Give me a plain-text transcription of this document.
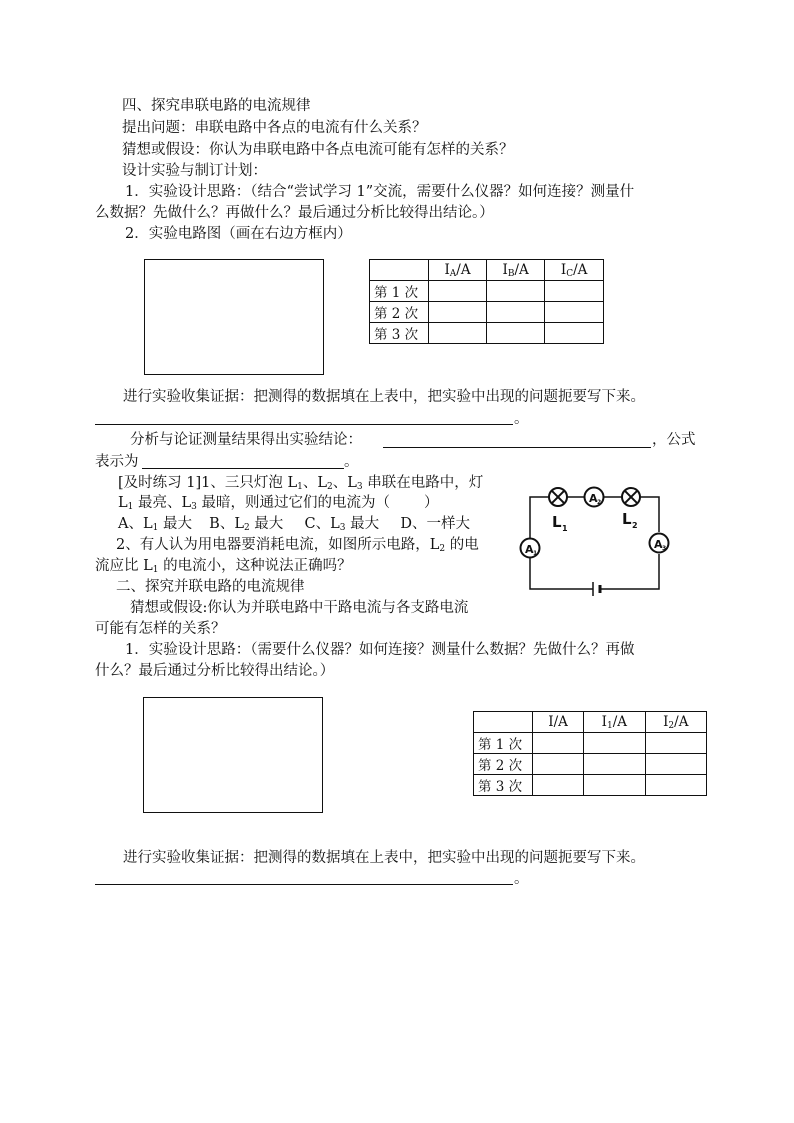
四、探究串联电路的电流规律
提出问题：串联电路中各点的电流有什么关系？
猜想或假设：你认为串联电路中各点电流可能有怎样的关系？
设计实验与制订计划：
1．实验设计思路：（结合“尝试学习 1”交流，需要什么仪器？如何连接？测量什
么数据？先做什么？再做什么？最后通过分析比较得出结论。）
2．实验电路图（画在右边方框内）
	$I_A/A$	$I_B/A$	$I_C/A$
第 1 次			
第 2 次			
第 3 次			
进行实验收集证据：把测得的数据填在上表中，把实验中出现的问题扼要写下来。
。
分析与论证测量结果得出实验结论：	，公式
表示为	。
[及时练习 1]1、三只灯泡 $L_1$、$L_2$、$L_3$ 串联在电路中，灯
$L_1$ 最亮、$L_3$ 最暗，则通过它们的电流为（ ）
A、$L_1$ 最大 B、$L_2$ 最大 C、$L_3$ 最大 D、一样大
2、有人认为用电器要消耗电流，如图所示电路，$L_2$ 的电
流应比 $L_1$ 的电流小，这种说法正确吗？
A 2
A 1
A 3
L 1
L 2
二、探究并联电路的电流规律
猜想或假设:你认为并联电路中干路电流与各支路电流
可能有怎样的关系？
1．实验设计思路：（需要什么仪器？如何连接？测量什么数据？先做什么？再做
什么？最后通过分析比较得出结论。）
	I/A	$I_1/A$	$I_2/A$
第 1 次			
第 2 次			
第 3 次			
进行实验收集证据：把测得的数据填在上表中，把实验中出现的问题扼要写下来。
。
